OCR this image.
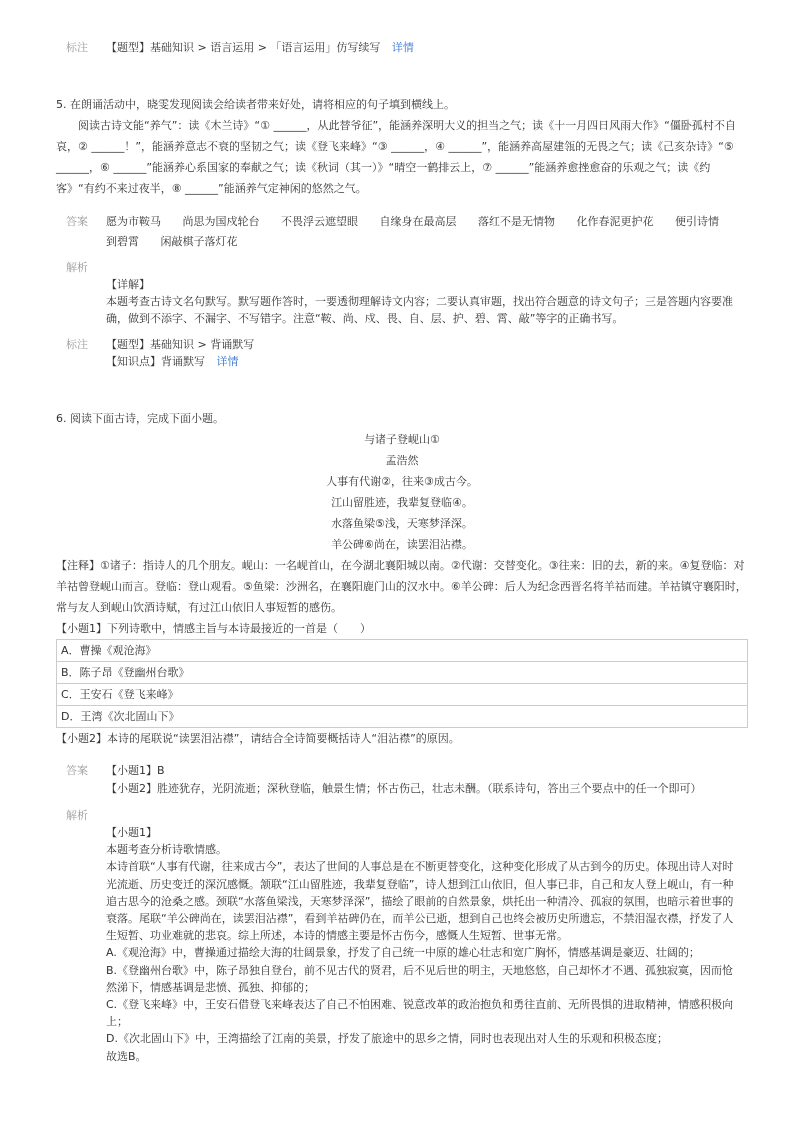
标注	【题型】基础知识 > 语言运用 > 「语言运用」仿写续写 详情

5. 在朗诵活动中，晓雯发现阅读会给读者带来好处，请将相应的句子填到横线上。

阅读古诗文能“养气”：读《木兰诗》“① ______，从此替爷征”，能涵养深明大义的担当之气；读《十一月四日风雨大作》“僵卧孤村不自哀，② ______！”，能涵养意志不衰的坚韧之气；读《登飞来峰》“③ ______，④ ______”，能涵养高屋建瓴的无畏之气；读《己亥杂诗》“⑤ ______，⑥ ______”能涵养心系国家的奉献之气；读《秋词（其一）》“晴空一鹤排云上，⑦ ______”能涵养愈挫愈奋的乐观之气；读《约客》“有约不来过夜半，⑧ ______”能涵养气定神闲的悠然之气。

答案	愿为市鞍马 尚思为国戍轮台 不畏浮云遮望眼 自缘身在最高层 落红不是无情物 化作春泥更护花 便引诗情到碧霄 闲敲棋子落灯花
解析

【详解】

本题考查古诗文名句默写。默写题作答时，一要透彻理解诗文内容；二要认真审题，找出符合题意的诗文句子；三是答题内容要准确，做到不添字、不漏字、不写错字。注意“鞍、尚、戍、畏、自、层、护、碧、霄、敲”等字的正确书写。

标注	【题型】基础知识 > 背诵默写
【知识点】背诵默写 详情

6. 阅读下面古诗，完成下面小题。

与诸子登岘山①

孟浩然

人事有代谢②，往来③成古今。

江山留胜迹，我辈复登临④。

水落鱼梁⑤浅，天寒梦泽深。

羊公碑⑥尚在，读罢泪沾襟。

【注释】①诸子：指诗人的几个朋友。岘山：一名岘首山，在今湖北襄阳城以南。②代谢：交替变化。③往来：旧的去，新的来。④复登临：对羊祜曾登岘山而言。登临：登山观看。⑤鱼梁：沙洲名，在襄阳鹿门山的汉水中。⑥羊公碑：后人为纪念西晋名将羊祜而建。羊祜镇守襄阳时，常与友人到岘山饮酒诗赋，有过江山依旧人事短暂的感伤。

【小题1】下列诗歌中，情感主旨与本诗最接近的一首是（　　）

A．曹操《观沧海》
B．陈子昂《登幽州台歌》
C．王安石《登飞来峰》
D．王湾《次北固山下》

【小题2】本诗的尾联说“读罢泪沾襟”，请结合全诗简要概括诗人“泪沾襟”的原因。

答案	【小题1】B
【小题2】胜迹犹存，光阴流逝；深秋登临，触景生情；怀古伤己，壮志未酬。（联系诗句，答出三个要点中的任一个即可）
解析

【小题1】

本题考查分析诗歌情感。

本诗首联“人事有代谢，往来成古今”，表达了世间的人事总是在不断更替变化，这种变化形成了从古到今的历史。体现出诗人对时光流逝、历史变迁的深沉感慨。颔联“江山留胜迹，我辈复登临”，诗人想到江山依旧，但人事已非，自己和友人登上岘山，有一种追古思今的沧桑之感。颈联“水落鱼梁浅，天寒梦泽深”，描绘了眼前的自然景象，烘托出一种清冷、孤寂的氛围，也暗示着世事的衰落。尾联“羊公碑尚在，读罢泪沾襟”，看到羊祜碑仍在，而羊公已逝，想到自己也终会被历史所遗忘，不禁泪湿衣襟，抒发了人生短暂、功业难就的悲哀。综上所述，本诗的情感主要是怀古伤今，感慨人生短暂、世事无常。

A.《观沧海》中，曹操通过描绘大海的壮阔景象，抒发了自己统一中原的雄心壮志和宽广胸怀，情感基调是豪迈、壮阔的；

B.《登幽州台歌》中，陈子昂独自登台，前不见古代的贤君，后不见后世的明主，天地悠悠，自己却怀才不遇、孤独寂寞，因而怆然涕下，情感基调是悲愤、孤独、抑郁的；

C.《登飞来峰》中，王安石借登飞来峰表达了自己不怕困难、锐意改革的政治抱负和勇往直前、无所畏惧的进取精神，情感积极向上；

D.《次北固山下》中，王湾描绘了江南的美景，抒发了旅途中的思乡之情，同时也表现出对人生的乐观和积极态度；

故选B。
